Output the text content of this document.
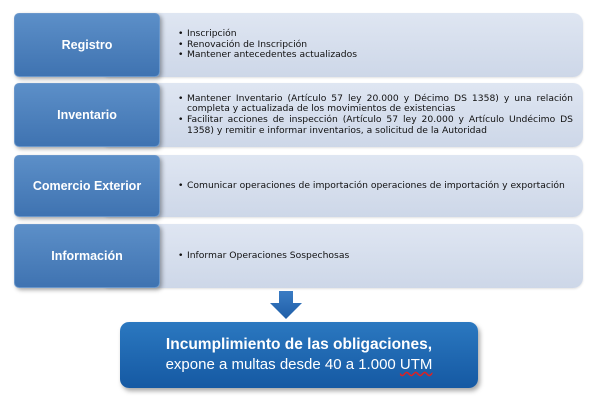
• Inscripción
• Renovación de Inscripción
• Mantener antecedentes actualizados
Registro
• Mantener Inventario (Artículo 57 ley 20.000 y Décimo DS 1358) y una relación completa y actualizada de los movimientos de existencias
• Facilitar acciones de inspección (Artículo 57 ley 20.000 y Artículo Undécimo DS 1358) y remitir e informar inventarios, a solicitud de la Autoridad
Inventario
• Comunicar operaciones de importación operaciones de importación y exportación
Comercio Exterior
• Informar Operaciones Sospechosas
Información
Incumplimiento de las obligaciones,
expone a multas desde 40 a 1.000 UTM
